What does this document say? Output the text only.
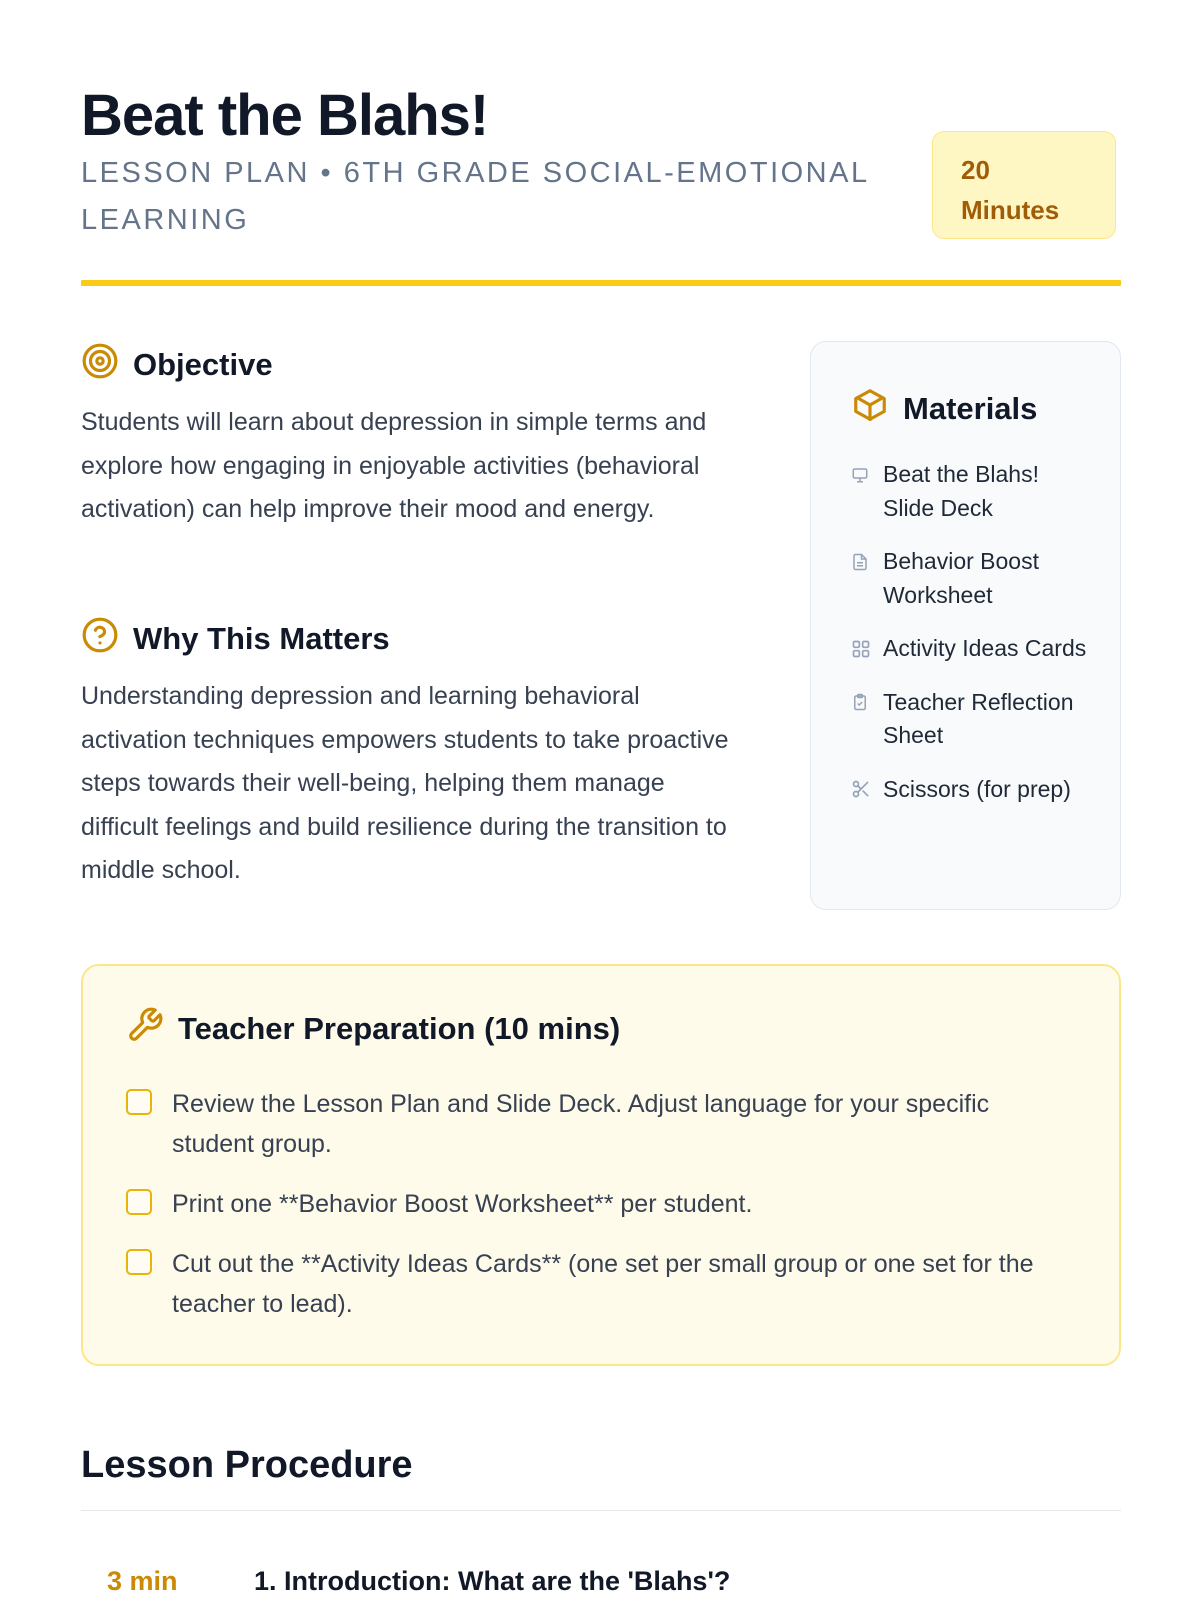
Beat the Blahs!

LESSON PLAN • 6TH GRADE SOCIAL-EMOTIONAL LEARNING

20
Minutes
Objective

Students will learn about depression in simple terms and explore how engaging in enjoyable activities (behavioral activation) can help improve their mood and energy.

Why This Matters

Understanding depression and learning behavioral activation techniques empowers students to take proactive steps towards their well-being, helping them manage difficult feelings and build resilience during the transition to middle school.

Materials
Beat the Blahs! Slide Deck
Behavior Boost Worksheet
Activity Ideas Cards
Teacher Reflection Sheet
Scissors (for prep)
Teacher Preparation (10 mins)
Review the Lesson Plan and Slide Deck. Adjust language for your specific student group.
Print one **Behavior Boost Worksheet** per student.
Cut out the **Activity Ideas Cards** (one set per small group or one set for the teacher to lead).
Lesson Procedure
3 min	1. Introduction: What are the 'Blahs'?
